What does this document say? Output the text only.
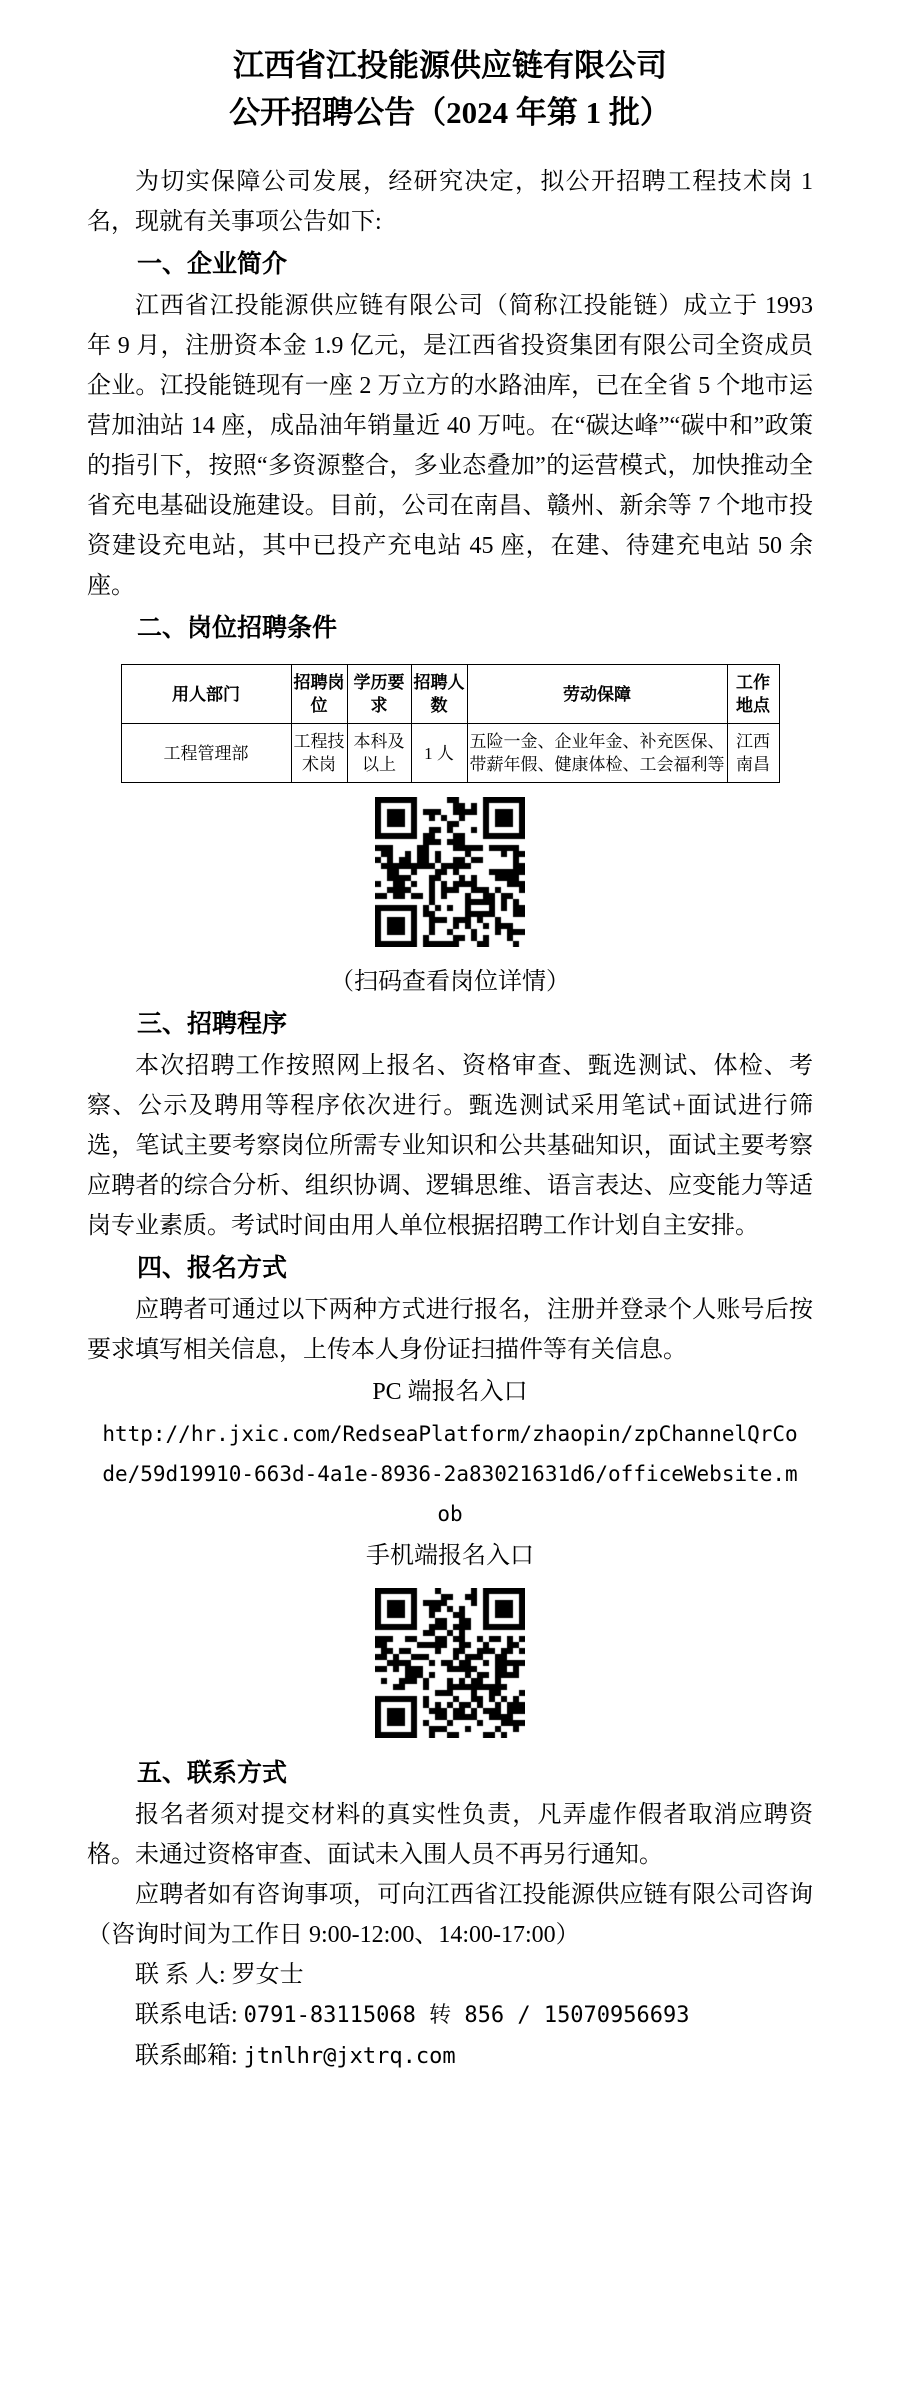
江西省江投能源供应链有限公司
公开招聘公告（2024 年第 1 批）

为切实保障公司发展，经研究决定，拟公开招聘工程技术岗 1 名，现就有关事项公告如下:

一、企业简介

江西省江投能源供应链有限公司（简称江投能链）成立于 1993 年 9 月，注册资本金 1.9 亿元，是江西省投资集团有限公司全资成员企业。江投能链现有一座 2 万立方的水路油库，已在全省 5 个地市运营加油站 14 座，成品油年销量近 40 万吨。在“碳达峰”“碳中和”政策的指引下，按照“多资源整合，多业态叠加”的运营模式，加快推动全省充电基础设施建设。目前，公司在南昌、赣州、新余等 7 个地市投资建设充电站，其中已投产充电站 45 座，在建、待建充电站 50 余座。

二、岗位招聘条件
用人部门	招聘岗位	学历要求	招聘人数	劳动保障	工作地点
工程管理部	工程技术岗	本科及以上	1 人	五险一金、企业年金、补充医保、带薪年假、健康体检、工会福利等	江西南昌
（扫码查看岗位详情）
三、招聘程序

本次招聘工作按照网上报名、资格审查、甄选测试、体检、考察、公示及聘用等程序依次进行。甄选测试采用笔试+面试进行筛选，笔试主要考察岗位所需专业知识和公共基础知识，面试主要考察应聘者的综合分析、组织协调、逻辑思维、语言表达、应变能力等适岗专业素质。考试时间由用人单位根据招聘工作计划自主安排。

四、报名方式

应聘者可通过以下两种方式进行报名，注册并登录个人账号后按要求填写相关信息，上传本人身份证扫描件等有关信息。

PC 端报名入口
http://hr.jxic.com/RedseaPlatform/zhaopin/zpChannelQrCode/59d19910-663d-4a1e-8936-2a83021631d6/officeWebsite.mob
手机端报名入口
五、联系方式

报名者须对提交材料的真实性负责，凡弄虚作假者取消应聘资格。未通过资格审查、面试未入围人员不再另行通知。

应聘者如有咨询事项，可向江西省江投能源供应链有限公司咨询（咨询时间为工作日 9:00-12:00、14:00-17:00）

联 系 人: 罗女士

联系电话: 0791-83115068 转 856 / 15070956693

联系邮箱: jtnlhr@jxtrq.com
